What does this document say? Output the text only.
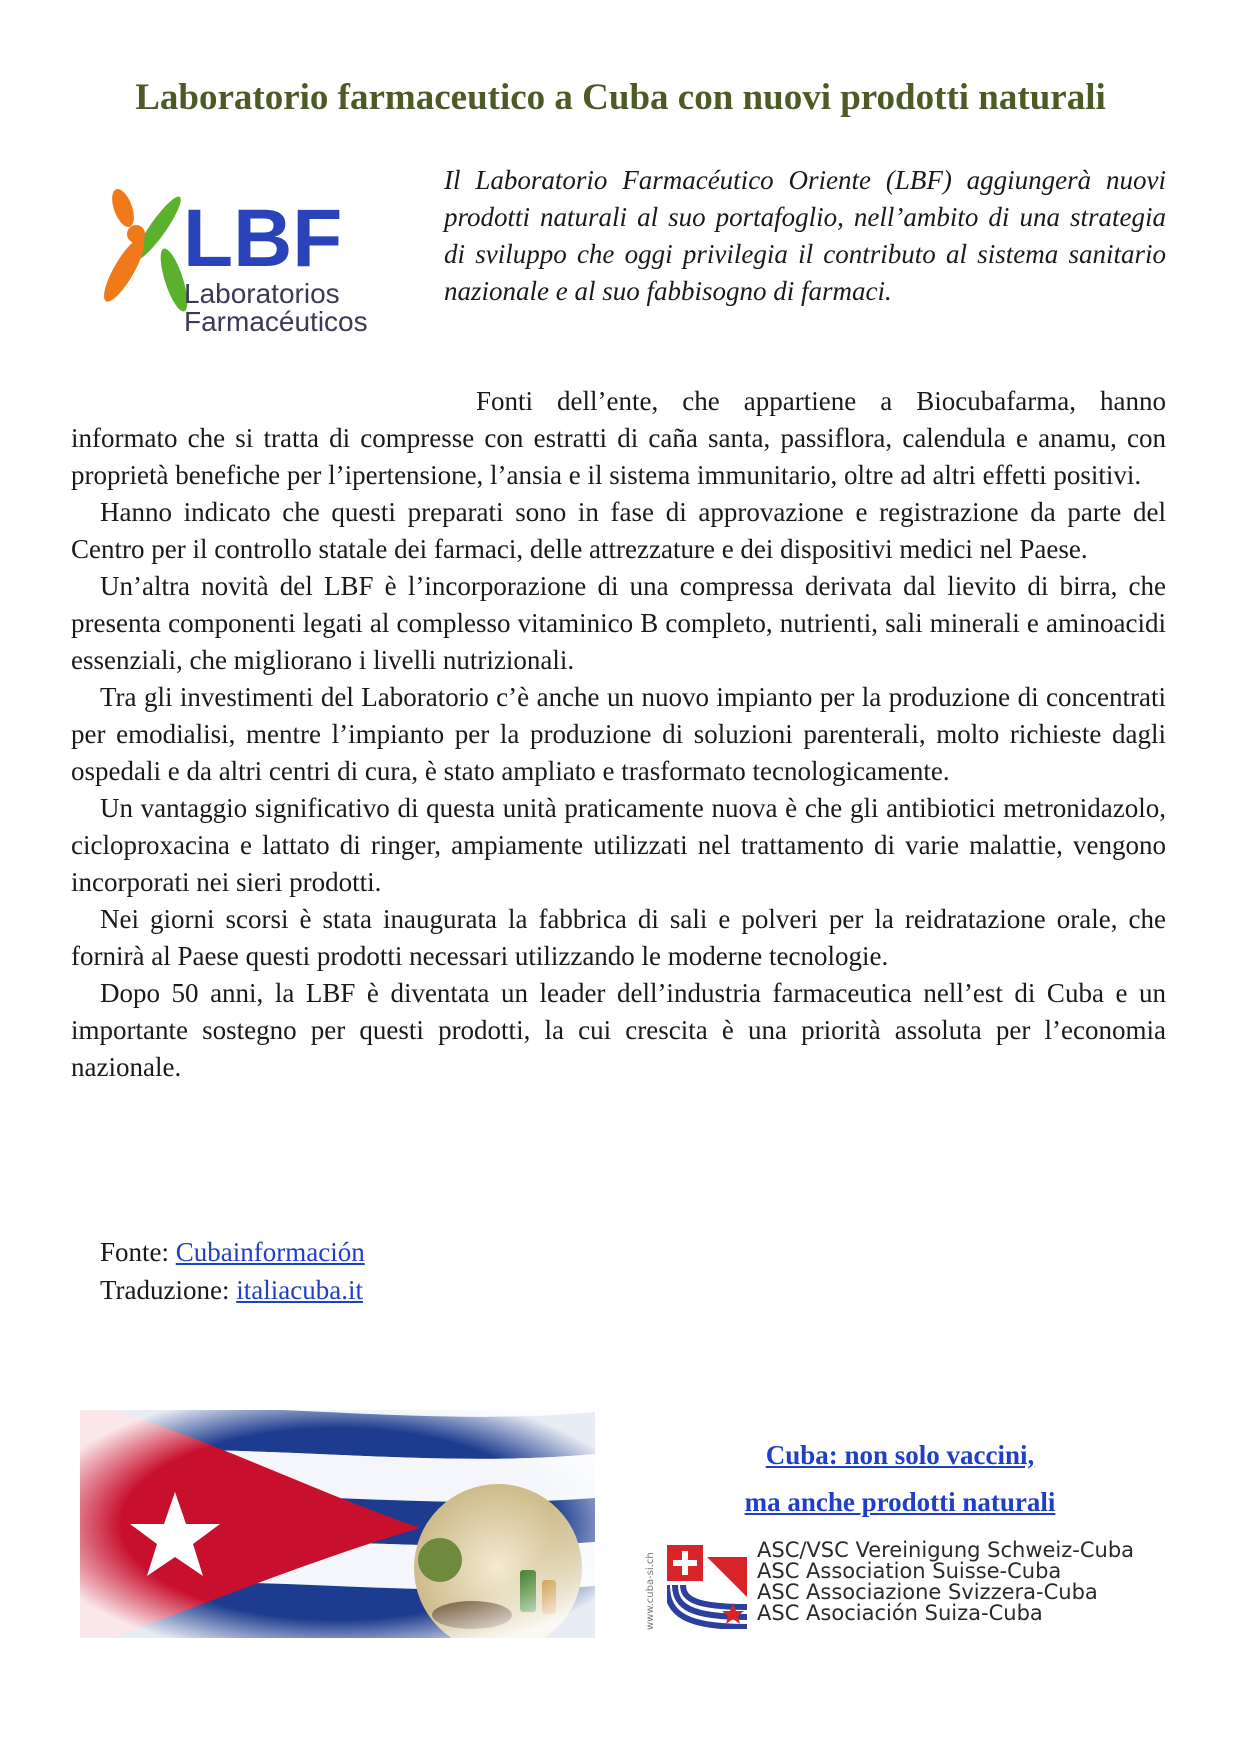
Laboratorio farmaceutico a Cuba con nuovi prodotti naturali
LBF
Laboratorios
Farmacéuticos

Il Laboratorio Farmacéutico Oriente (LBF) aggiungerà nuovi prodotti naturali al suo portafoglio, nell’ambito di una strategia di sviluppo che oggi privilegia il contributo al sistema sanitario nazionale e al suo fabbisogno di farmaci.

Fonti dell’ente, che appartiene a Biocubafarma, hanno informato che si tratta di compresse con estratti di caña santa, passiflora, calendula e anamu, con proprietà benefiche per l’ipertensione, l’ansia e il sistema immunitario, oltre ad altri effetti positivi.

Hanno indicato che questi preparati sono in fase di approvazione e registrazione da parte del Centro per il controllo statale dei farmaci, delle attrezzature e dei dispositivi medici nel Paese.

Un’altra novità del LBF è l’incorporazione di una compressa derivata dal lievito di birra, che presenta componenti legati al complesso vitaminico B completo, nutrienti, sali minerali e aminoacidi essenziali, che migliorano i livelli nutrizionali.

Tra gli investimenti del Laboratorio c’è anche un nuovo impianto per la produzione di concentrati per emodialisi, mentre l’impianto per la produzione di soluzioni parenterali, molto richieste dagli ospedali e da altri centri di cura, è stato ampliato e trasformato tecnologicamente.

Un vantaggio significativo di questa unità praticamente nuova è che gli antibiotici metronidazolo, cicloproxacina e lattato di ringer, ampiamente utilizzati nel trattamento di varie malattie, vengono incorporati nei sieri prodotti.

Nei giorni scorsi è stata inaugurata la fabbrica di sali e polveri per la reidratazione orale, che fornirà al Paese questi prodotti necessari utilizzando le moderne tecnologie.

Dopo 50 anni, la LBF è diventata un leader dell’industria farmaceutica nell’est di Cuba e un importante sostegno per questi prodotti, la cui crescita è una priorità assoluta per l’economia nazionale.

Fonte: Cubainformación
Traduzione: italiacuba.it
Cuba: non solo vaccini,
ma anche prodotti naturali
www.cuba-si.ch
ASC/VSC Vereinigung Schweiz-Cuba
ASC Association Suisse-Cuba
ASC Associazione Svizzera-Cuba
ASC Asociación Suiza-Cuba
